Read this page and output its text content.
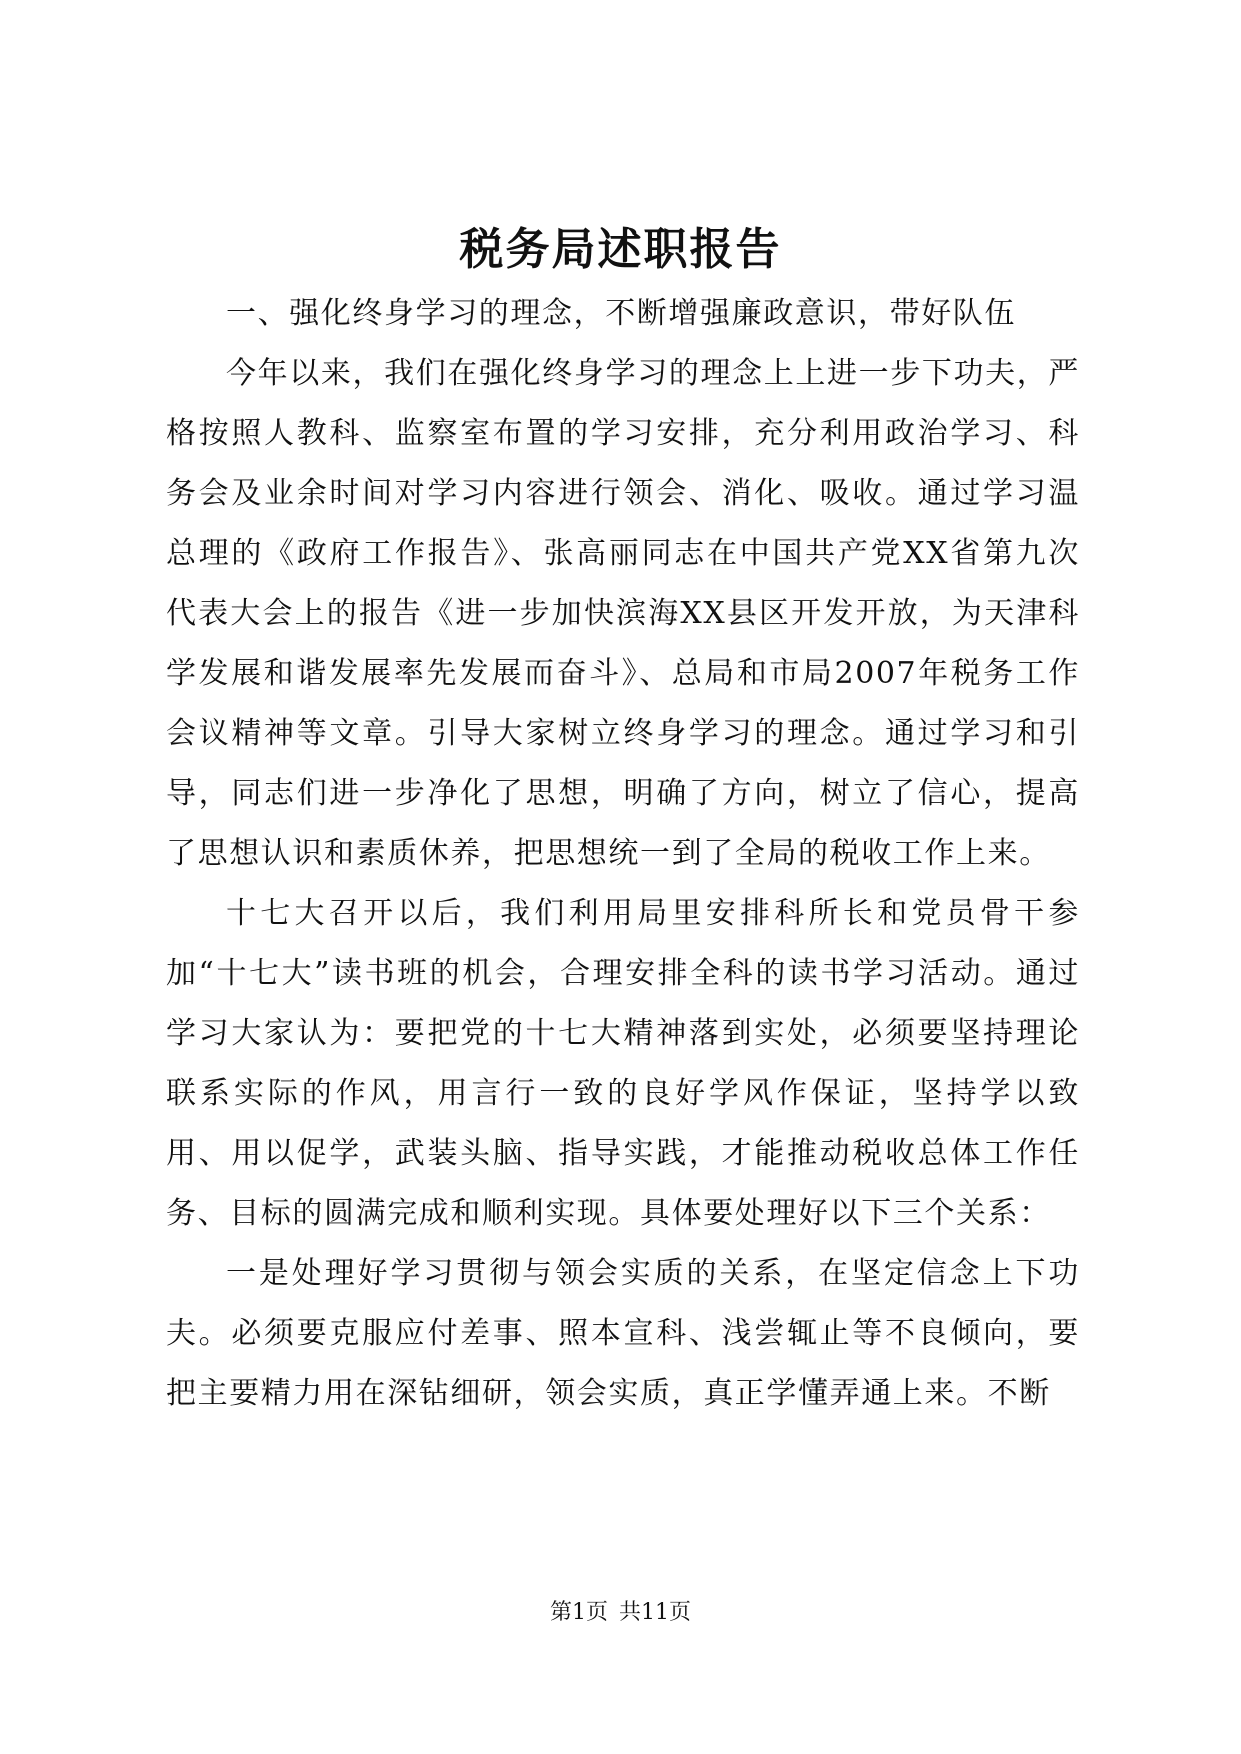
税务局述职报告

一、强化终身学习的理念，不断增强廉政意识，带好队伍

今年以来，我们在强化终身学习的理念上上进一步下功夫，严格按照人教科、监察室布置的学习安排，充分利用政治学习、科务会及业余时间对学习内容进行领会、消化、吸收。通过学习温总理的《政府工作报告》、张高丽同志在中国共产党XX省第九次代表大会上的报告《进一步加快滨海XX县区开发开放，为天津科学发展和谐发展率先发展而奋斗》、总局和市局2007年税务工作会议精神等文章。引导大家树立终身学习的理念。通过学习和引导，同志们进一步净化了思想，明确了方向，树立了信心，提高了思想认识和素质休养，把思想统一到了全局的税收工作上来。

十七大召开以后，我们利用局里安排科所长和党员骨干参加“十七大”读书班的机会，合理安排全科的读书学习活动。通过学习大家认为：要把党的十七大精神落到实处，必须要坚持理论联系实际的作风，用言行一致的良好学风作保证，坚持学以致用、用以促学，武装头脑、指导实践，才能推动税收总体工作任务、目标的圆满完成和顺利实现。具体要处理好以下三个关系：

一是处理好学习贯彻与领会实质的关系，在坚定信念上下功夫。必须要克服应付差事、照本宣科、浅尝辄止等不良倾向，要把主要精力用在深钻细研，领会实质，真正学懂弄通上来。不断

第1页 共11页
